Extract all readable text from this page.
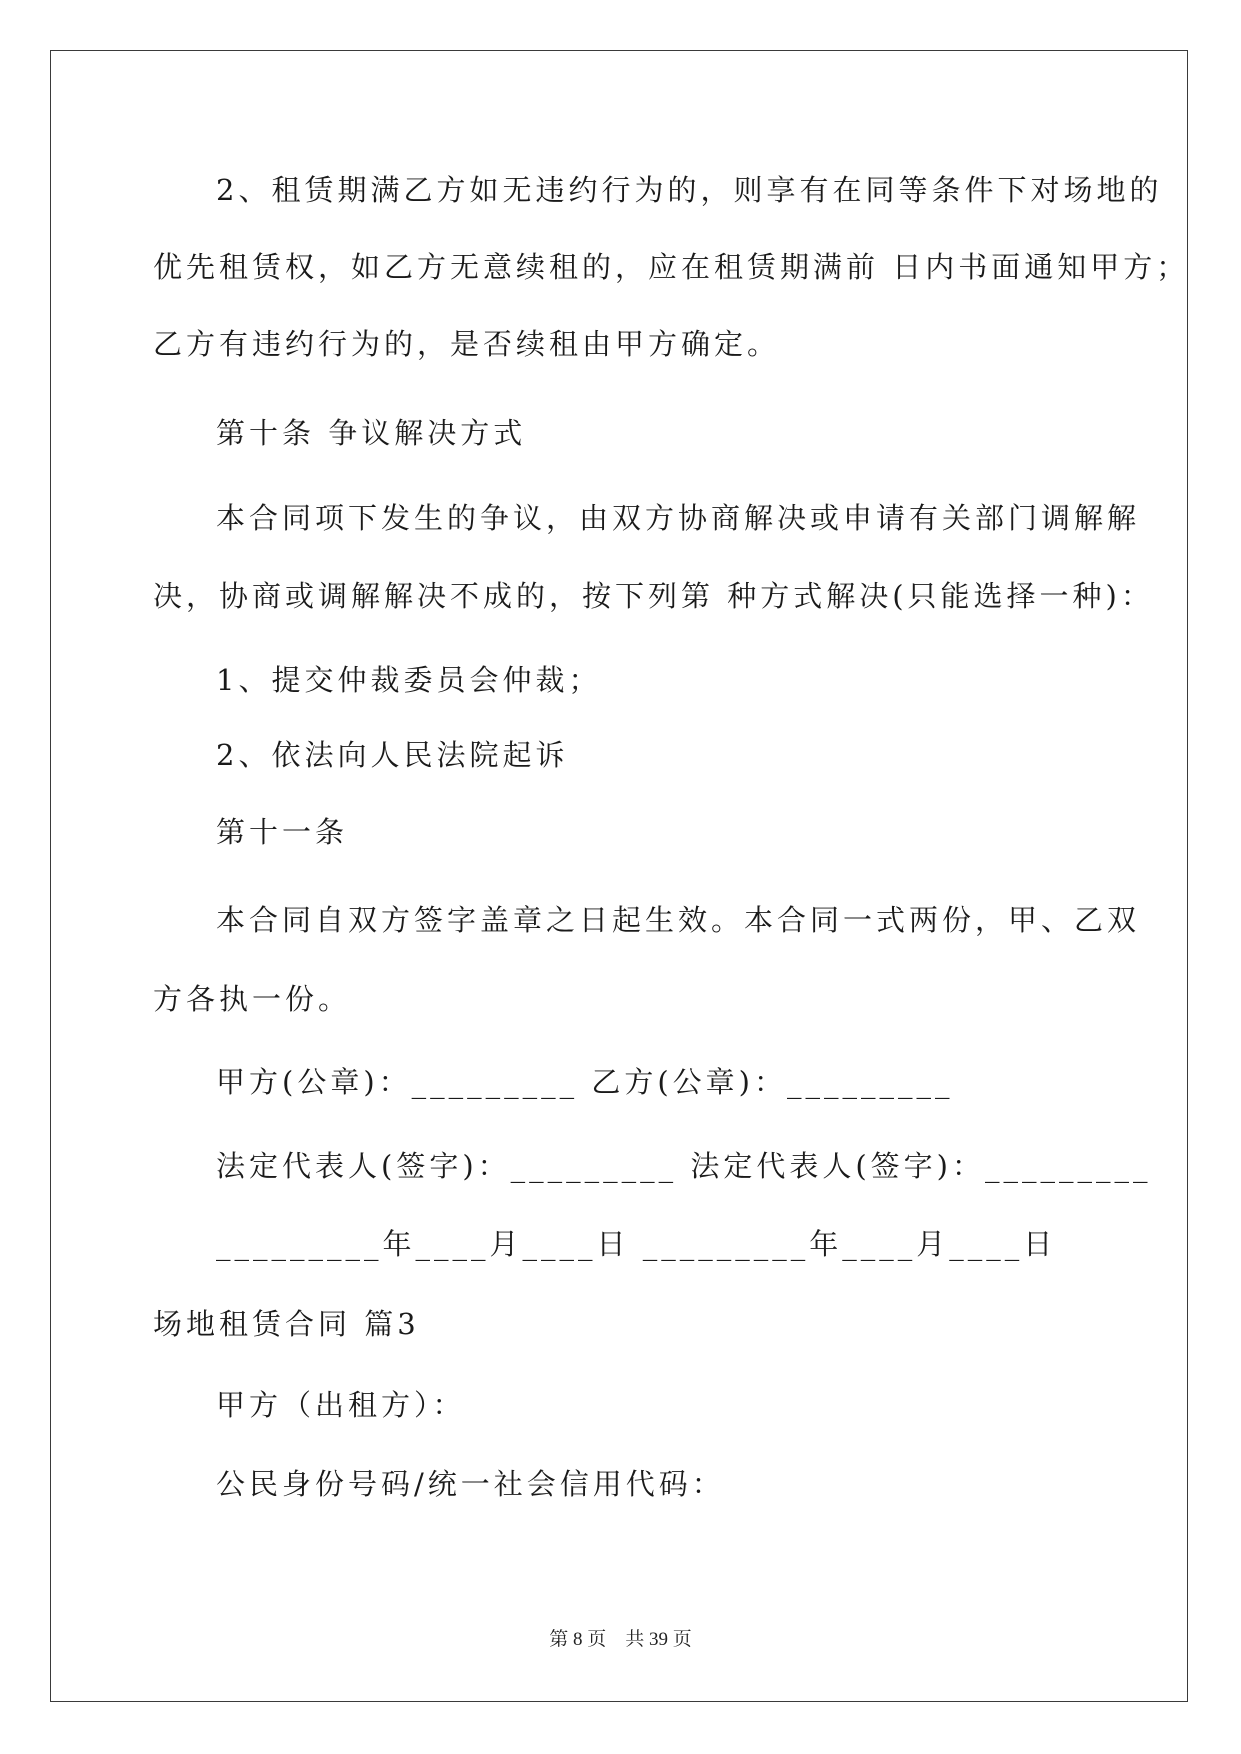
2、租赁期满乙方如无违约行为的，则享有在同等条件下对场地的
优先租赁权，如乙方无意续租的，应在租赁期满前 日内书面通知甲方；
乙方有违约行为的，是否续租由甲方确定。
第十条 争议解决方式
本合同项下发生的争议，由双方协商解决或申请有关部门调解解
决，协商或调解解决不成的，按下列第 种方式解决(只能选择一种)：
1、提交仲裁委员会仲裁；
2、依法向人民法院起诉
第十一条
本合同自双方签字盖章之日起生效。本合同一式两份，甲、乙双
方各执一份。
甲方(公章)：_________ 乙方(公章)：_________
法定代表人(签字)：_________ 法定代表人(签字)：_________
_________年____月____日 _________年____月____日
场地租赁合同 篇3
甲方（出租方）：
公民身份号码/统一社会信用代码：
第 8 页　共 39 页
